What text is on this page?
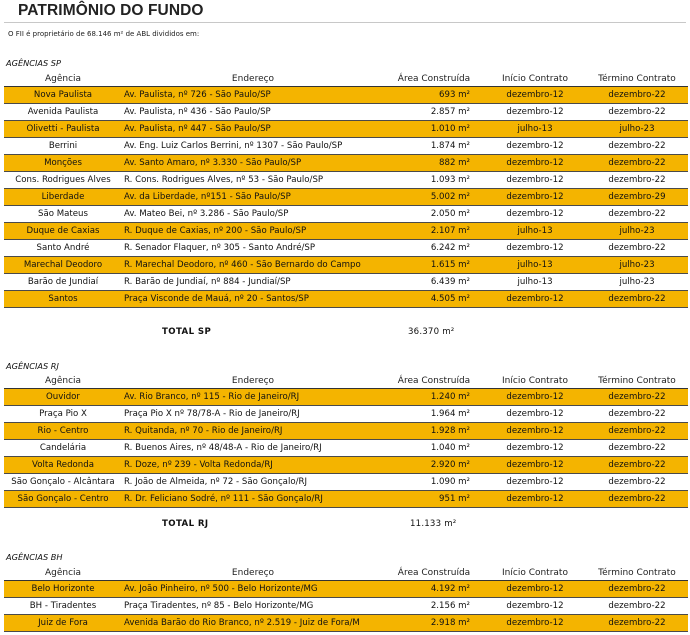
PATRIMÔNIO DO FUNDO
O FII é proprietário de 68.146 m² de ABL divididos em:
AGÊNCIAS SP
Agência	Endereço	Área Construída	Início Contrato	Término Contrato
Nova Paulista	Av. Paulista, nº 726 - São Paulo/SP	693 m²	dezembro-12	dezembro-22
Avenida Paulista	Av. Paulista, nº 436 - São Paulo/SP	2.857 m²	dezembro-12	dezembro-22
Olivetti - Paulista	Av. Paulista, nº 447 - São Paulo/SP	1.010 m²	julho-13	julho-23
Berrini	Av. Eng. Luiz Carlos Berrini, nº 1307 - São Paulo/SP	1.874 m²	dezembro-12	dezembro-22
Monções	Av. Santo Amaro, nº 3.330 - São Paulo/SP	882 m²	dezembro-12	dezembro-22
Cons. Rodrigues Alves	R. Cons. Rodrigues Alves, nº 53 - São Paulo/SP	1.093 m²	dezembro-12	dezembro-22
Liberdade	Av. da Liberdade, nº151 - São Paulo/SP	5.002 m²	dezembro-12	dezembro-29
São Mateus	Av. Mateo Bei, nº 3.286 - São Paulo/SP	2.050 m²	dezembro-12	dezembro-22
Duque de Caxias	R. Duque de Caxias, nº 200 - São Paulo/SP	2.107 m²	julho-13	julho-23
Santo André	R. Senador Flaquer, nº 305 - Santo André/SP	6.242 m²	dezembro-12	dezembro-22
Marechal Deodoro	R. Marechal Deodoro, nº 460 - São Bernardo do Campo	1.615 m²	julho-13	julho-23
Barão de Jundiaí	R. Barão de Jundiaí, nº 884 - Jundiaí/SP	6.439 m²	julho-13	julho-23
Santos	Praça Visconde de Mauá, nº 20 - Santos/SP	4.505 m²	dezembro-12	dezembro-22
TOTAL SP	36.370 m²
AGÊNCIAS RJ
Agência	Endereço	Área Construída	Início Contrato	Término Contrato
Ouvidor	Av. Rio Branco, nº 115 - Rio de Janeiro/RJ	1.240 m²	dezembro-12	dezembro-22
Praça Pio X	Praça Pio X nº 78/78-A - Rio de Janeiro/RJ	1.964 m²	dezembro-12	dezembro-22
Rio - Centro	R. Quitanda, nº 70 - Rio de Janeiro/RJ	1.928 m²	dezembro-12	dezembro-22
Candelária	R. Buenos Aires, nº 48/48-A - Rio de Janeiro/RJ	1.040 m²	dezembro-12	dezembro-22
Volta Redonda	R. Doze, nº 239 - Volta Redonda/RJ	2.920 m²	dezembro-12	dezembro-22
São Gonçalo - Alcântara	R. João de Almeida, nº 72 - São Gonçalo/RJ	1.090 m²	dezembro-12	dezembro-22
São Gonçalo - Centro	R. Dr. Feliciano Sodré, nº 111 - São Gonçalo/RJ	951 m²	dezembro-12	dezembro-22
TOTAL RJ	11.133 m²
AGÊNCIAS BH
Agência	Endereço	Área Construída	Início Contrato	Término Contrato
Belo Horizonte	Av. João Pinheiro, nº 500 - Belo Horizonte/MG	4.192 m²	dezembro-12	dezembro-22
BH - Tiradentes	Praça Tiradentes, nº 85 - Belo Horizonte/MG	2.156 m²	dezembro-12	dezembro-22
Juiz de Fora	Avenida Barão do Rio Branco, nº 2.519 - Juiz de Fora/M	2.918 m²	dezembro-12	dezembro-22
